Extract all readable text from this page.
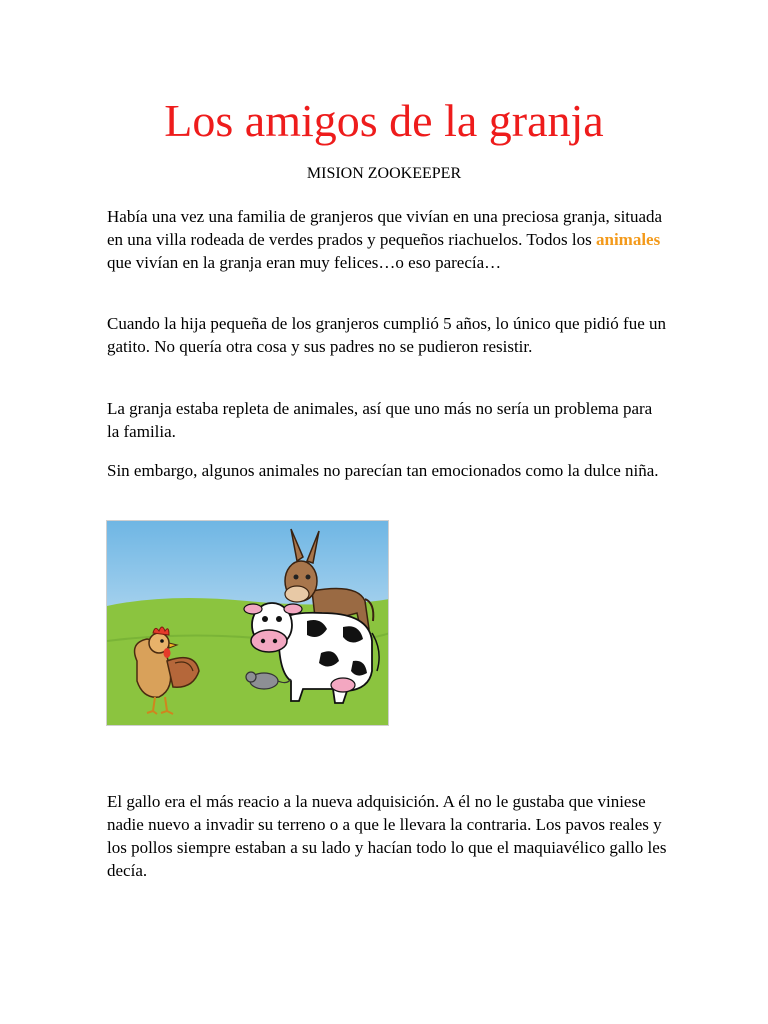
Los amigos de la granja

MISION ZOOKEEPER

Había una vez una familia de granjeros que vivían en una preciosa granja, situada en una villa rodeada de verdes prados y pequeños riachuelos. Todos los animales que vivían en la granja eran muy felices…o eso parecía…

Cuando la hija pequeña de los granjeros cumplió 5 años, lo único que pidió fue un gatito. No quería otra cosa y sus padres no se pudieron resistir.

La granja estaba repleta de animales, así que uno más no sería un problema para la familia.

Sin embargo, algunos animales no parecían tan emocionados como la dulce niña.

El gallo era el más reacio a la nueva adquisición. A él no le gustaba que viniese nadie nuevo a invadir su terreno o a que le llevara la contraria. Los pavos reales y los pollos siempre estaban a su lado y hacían todo lo que el maquiavélico gallo les decía.
